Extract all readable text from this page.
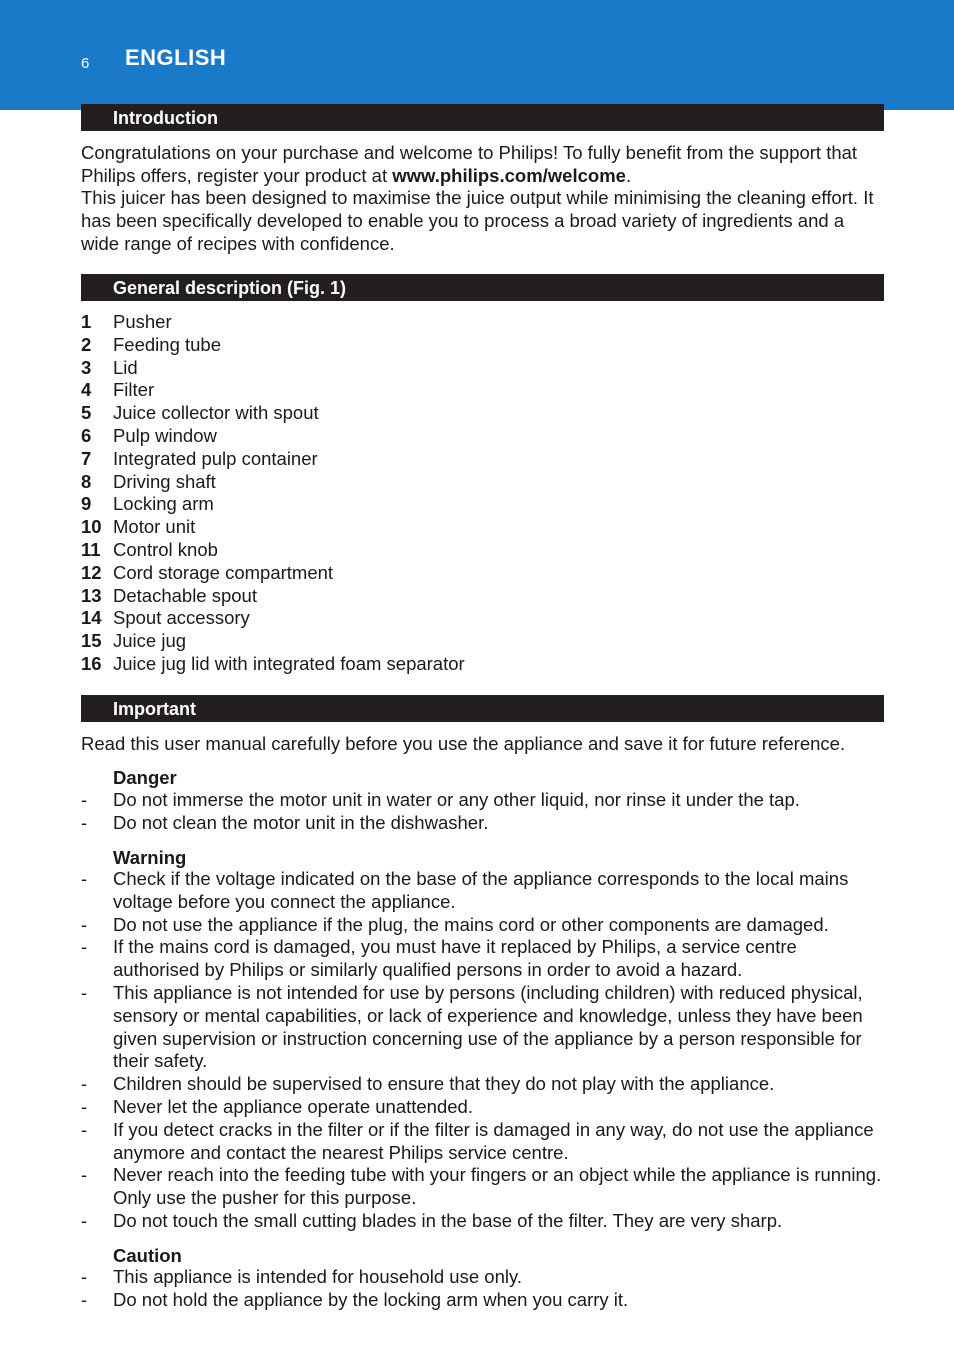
6 ENGLISH
Introduction

Congratulations on your purchase and welcome to Philips! To fully benefit from the support that Philips offers, register your product at www.philips.com/welcome.

This juicer has been designed to maximise the juice output while minimising the cleaning effort. It has been specifically developed to enable you to process a broad variety of ingredients and a wide range of recipes with confidence.

General description (Fig. 1)
1 Pusher
2 Feeding tube
3 Lid
4 Filter
5 Juice collector with spout
6 Pulp window
7 Integrated pulp container
8 Driving shaft
9 Locking arm
10 Motor unit
11 Control knob
12 Cord storage compartment
13 Detachable spout
14 Spout accessory
15 Juice jug
16 Juice jug lid with integrated foam separator
Important

Read this user manual carefully before you use the appliance and save it for future reference.

Danger

- Do not immerse the motor unit in water or any other liquid, nor rinse it under the tap.
- Do not clean the motor unit in the dishwasher.

Warning

- Check if the voltage indicated on the base of the appliance corresponds to the local mains voltage before you connect the appliance.
- Do not use the appliance if the plug, the mains cord or other components are damaged.
- If the mains cord is damaged, you must have it replaced by Philips, a service centre authorised by Philips or similarly qualified persons in order to avoid a hazard.
- This appliance is not intended for use by persons (including children) with reduced physical, sensory or mental capabilities, or lack of experience and knowledge, unless they have been given supervision or instruction concerning use of the appliance by a person responsible for their safety.
- Children should be supervised to ensure that they do not play with the appliance.
- Never let the appliance operate unattended.
- If you detect cracks in the filter or if the filter is damaged in any way, do not use the appliance anymore and contact the nearest Philips service centre.
- Never reach into the feeding tube with your fingers or an object while the appliance is running. Only use the pusher for this purpose.
- Do not touch the small cutting blades in the base of the filter. They are very sharp.

Caution

- This appliance is intended for household use only.
- Do not hold the appliance by the locking arm when you carry it.
